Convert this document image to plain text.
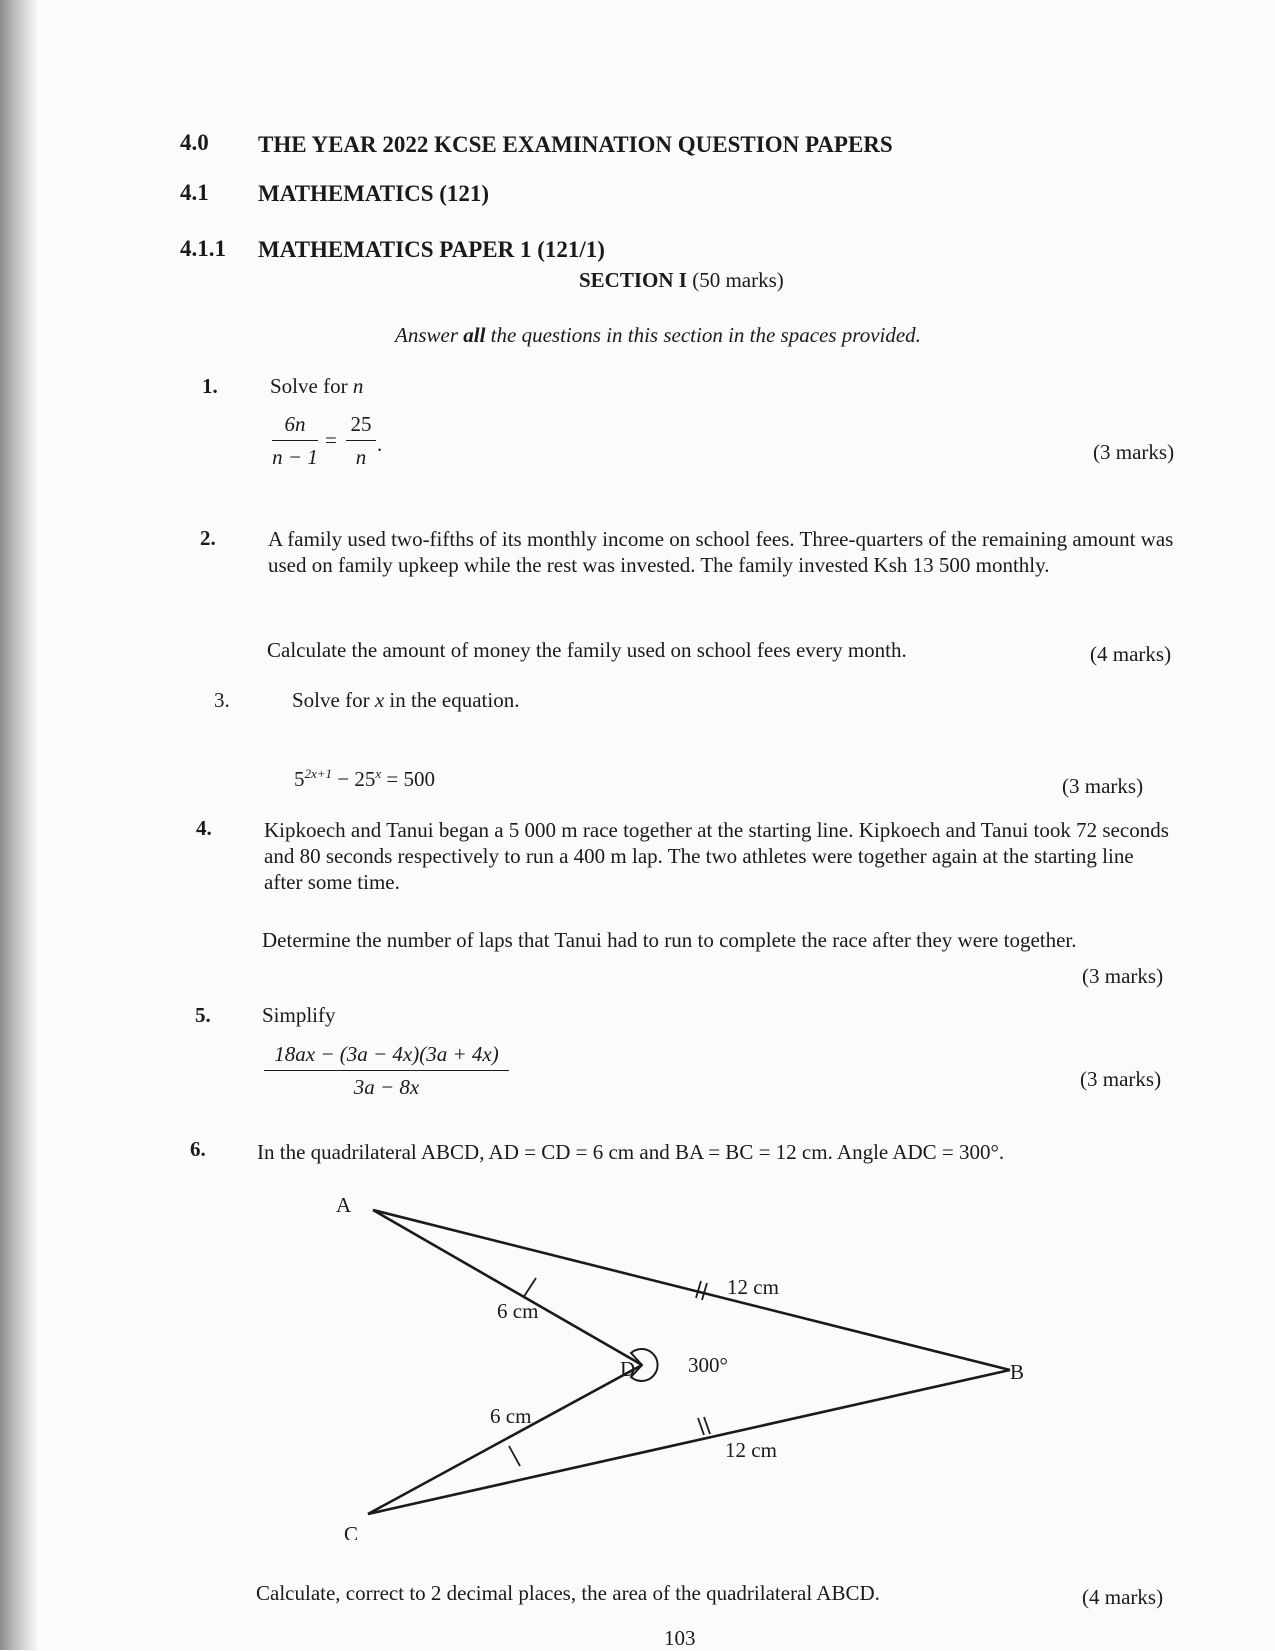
4.0 THE YEAR 2022 KCSE EXAMINATION QUESTION PAPERS
4.1 MATHEMATICS (121)
4.1.1 MATHEMATICS PAPER 1 (121/1)
SECTION I (50 marks)
Answer all the questions in this section in the spaces provided.
1. Solve for n
6n
n − 1
=
25
n
.	(3 marks)
2. A family used two-fifths of its monthly income on school fees. Three-quarters of the remaining amount was used on family upkeep while the rest was invested. The family invested Ksh 13 500 monthly.
Calculate the amount of money the family used on school fees every month.	(4 marks)
3.	Solve for x in the equation.
$5^{2x+1} - 25^x = 500$	(3 marks)
4. Kipkoech and Tanui began a 5 000 m race together at the starting line. Kipkoech and Tanui took 72 seconds and 80 seconds respectively to run a 400 m lap. The two athletes were together again at the starting line after some time.
Determine the number of laps that Tanui had to run to complete the race after they were together.
(3 marks)
5. Simplify
18ax − (3a − 4x)(3a + 4x)
3a − 8x	(3 marks)
6. In the quadrilateral ABCD, AD = CD = 6 cm and BA = BC = 12 cm. Angle ADC = 300°.
A
B
C
D
6 cm
6 cm
12 cm
12 cm
300°
Calculate, correct to 2 decimal places, the area of the quadrilateral ABCD.	(4 marks)
103
